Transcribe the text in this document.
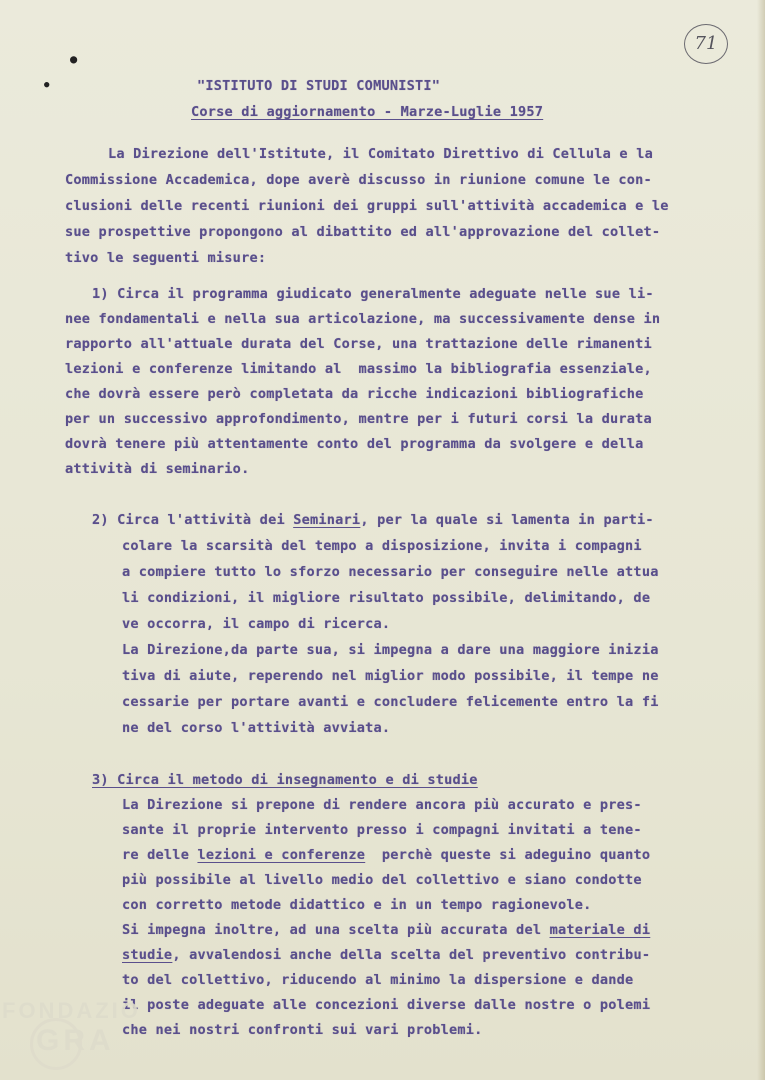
71
●
●	"ISTITUTO DI STUDI COMUNISTI"
Corse di aggiornamento - Marze-Luglie 1957
La Direzione dell'Istitute, il Comitato Direttivo di Cellula e la
Commissione Accademica, dope averè discusso in riunione comune le con-
clusioni delle recenti riunioni dei gruppi sull'attività accademica e le
sue prospettive propongono al dibattito ed all'approvazione del collet-
tivo le seguenti misure:
1) Circa il programma giudicato generalmente adeguate nelle sue li-
nee fondamentali e nella sua articolazione, ma successivamente dense in
rapporto all'attuale durata del Corse, una trattazione delle rimanenti
lezioni e conferenze limitando al  massimo la bibliografia essenziale,
che dovrà essere però completata da ricche indicazioni bibliografiche
per un successivo approfondimento, mentre per i futuri corsi la durata
dovrà tenere più attentamente conto del programma da svolgere e della
attività di seminario.
2) Circa l'attività dei Seminari, per la quale si lamenta in parti-
colare la scarsità del tempo a disposizione, invita i compagni
a compiere tutto lo sforzo necessario per conseguire nelle attua
li condizioni, il migliore risultato possibile, delimitando, de
ve occorra, il campo di ricerca.
La Direzione,da parte sua, si impegna a dare una maggiore inizia
tiva di aiute, reperendo nel miglior modo possibile, il tempe ne
cessarie per portare avanti e concludere felicemente entro la fi
ne del corso l'attività avviata.
3) Circa il metodo di insegnamento e di studie
La Direzione si prepone di rendere ancora più accurato e pres-
sante il proprie intervento presso i compagni invitati a tene-
re delle lezioni e conferenze  perchè queste si adeguino quanto
più possibile al livello medio del collettivo e siano condotte
con corretto metode didattico e in un tempo ragionevole.
Si impegna inoltre, ad una scelta più accurata del materiale di
studie, avvalendosi anche della scelta del preventivo contribu-
to del collettivo, riducendo al minimo la dispersione e dande
il poste adeguate alle concezioni diverse dalle nostre o polemi
che nei nostri confronti sui vari problemi.
FONDAZIO
GRA
